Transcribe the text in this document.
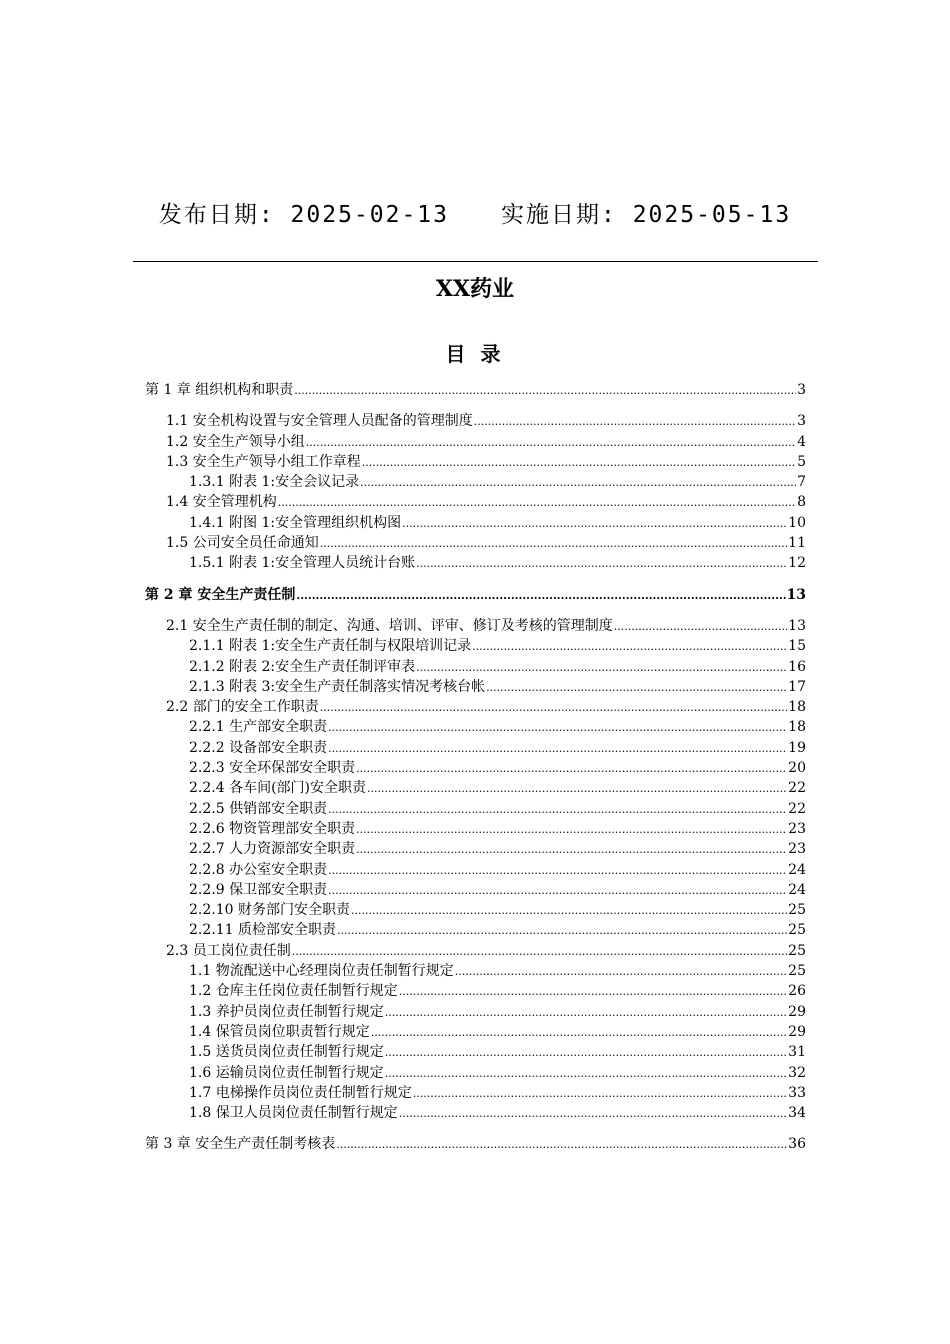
发布日期: 2025-02-13 实施日期: 2025-05-13
XX药业
目 录
第 1 章 组织机构和职责 .....	3
1.1 安全机构设置与安全管理人员配备的管理制度 .....	3
1.2 安全生产领导小组 .....	4
1.3 安全生产领导小组工作章程 .....	5
1.3.1 附表 1:安全会议记录 .....	7
1.4 安全管理机构 .....	8
1.4.1 附图 1:安全管理组织机构图 .....	10
1.5 公司安全员任命通知 .....	11
1.5.1 附表 1:安全管理人员统计台账 .....	12
第 2 章 安全生产责任制 .....	13
2.1 安全生产责任制的制定、沟通、培训、评审、修订及考核的管理制度 .....	13
2.1.1 附表 1:安全生产责任制与权限培训记录 .....	15
2.1.2 附表 2:安全生产责任制评审表 .....	16
2.1.3 附表 3:安全生产责任制落实情况考核台帐 .....	17
2.2 部门的安全工作职责 .....	18
2.2.1 生产部安全职责 .....	18
2.2.2 设备部安全职责 .....	19
2.2.3 安全环保部安全职责 .....	20
2.2.4 各车间(部门)安全职责 .....	22
2.2.5 供销部安全职责 .....	22
2.2.6 物资管理部安全职责 .....	23
2.2.7 人力资源部安全职责 .....	23
2.2.8 办公室安全职责 .....	24
2.2.9 保卫部安全职责 .....	24
2.2.10 财务部门安全职责 .....	25
2.2.11 质检部安全职责 .....	25
2.3 员工岗位责任制 .....	25
1.1 物流配送中心经理岗位责任制暂行规定 .....	25
1.2 仓库主任岗位责任制暂行规定 .....	26
1.3 养护员岗位责任制暂行规定 .....	29
1.4 保管员岗位职责暂行规定 .....	29
1.5 送货员岗位责任制暂行规定 .....	31
1.6 运输员岗位责任制暂行规定 .....	32
1.7 电梯操作员岗位责任制暂行规定 .....	33
1.8 保卫人员岗位责任制暂行规定 .....	34
第 3 章 安全生产责任制考核表 .....	36
